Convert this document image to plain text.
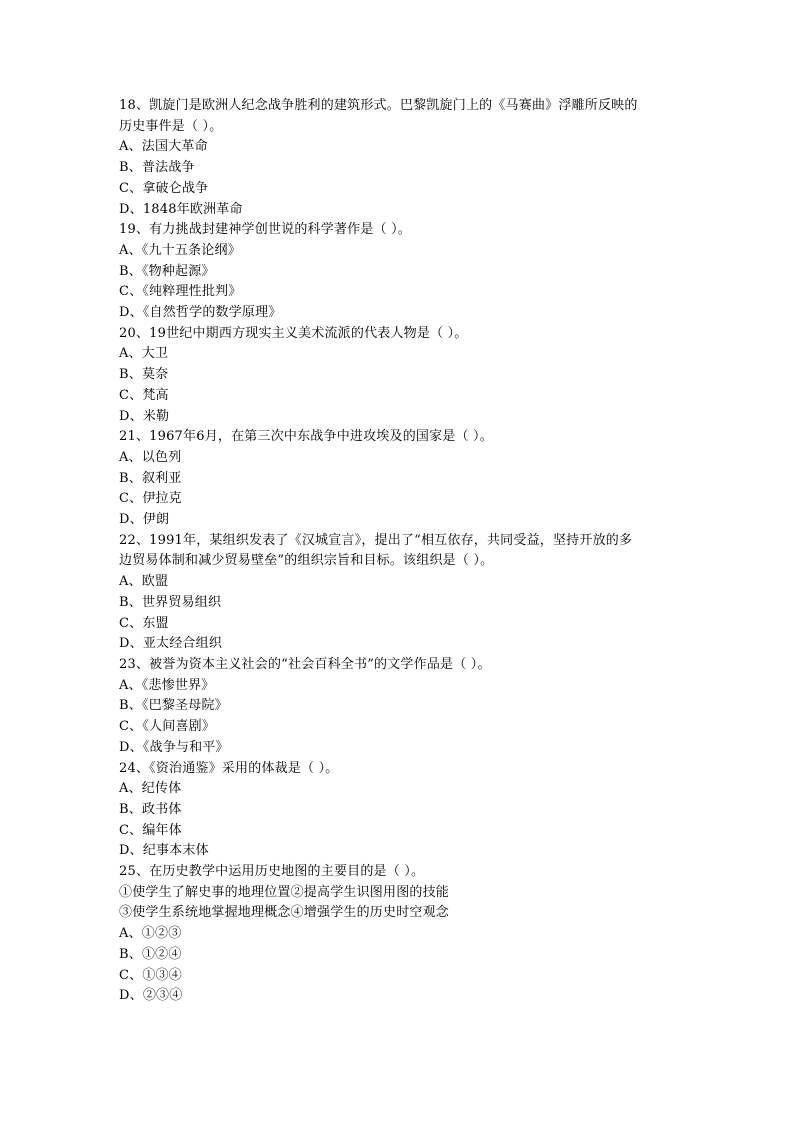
18、凯旋门是欧洲人纪念战争胜利的建筑形式。巴黎凯旋门上的《马赛曲》浮雕所反映的
历史事件是（ ）。
A、法国大革命
B、普法战争
C、拿破仑战争
D、1848年欧洲革命
19、有力挑战封建神学创世说的科学著作是（ ）。
A、《九十五条论纲》
B、《物种起源》
C、《纯粹理性批判》
D、《自然哲学的数学原理》
20、19世纪中期西方现实主义美术流派的代表人物是（ ）。
A、大卫
B、莫奈
C、梵高
D、米勒
21、1967年6月，在第三次中东战争中进攻埃及的国家是（ ）。
A、以色列
B、叙利亚
C、伊拉克
D、伊朗
22、1991年，某组织发表了《汉城宣言》，提出了“相互依存，共同受益，坚持开放的多
边贸易体制和减少贸易壁垒”的组织宗旨和目标。该组织是（ ）。
A、欧盟
B、世界贸易组织
C、东盟
D、亚太经合组织
23、被誉为资本主义社会的“社会百科全书”的文学作品是（ ）。
A、《悲惨世界》
B、《巴黎圣母院》
C、《人间喜剧》
D、《战争与和平》
24、《资治通鉴》采用的体裁是（ ）。
A、纪传体
B、政书体
C、编年体
D、纪事本末体
25、在历史教学中运用历史地图的主要目的是（ ）。
①使学生了解史事的地理位置②提高学生识图用图的技能
③使学生系统地掌握地理概念④增强学生的历史时空观念
A、①②③
B、①②④
C、①③④
D、②③④
